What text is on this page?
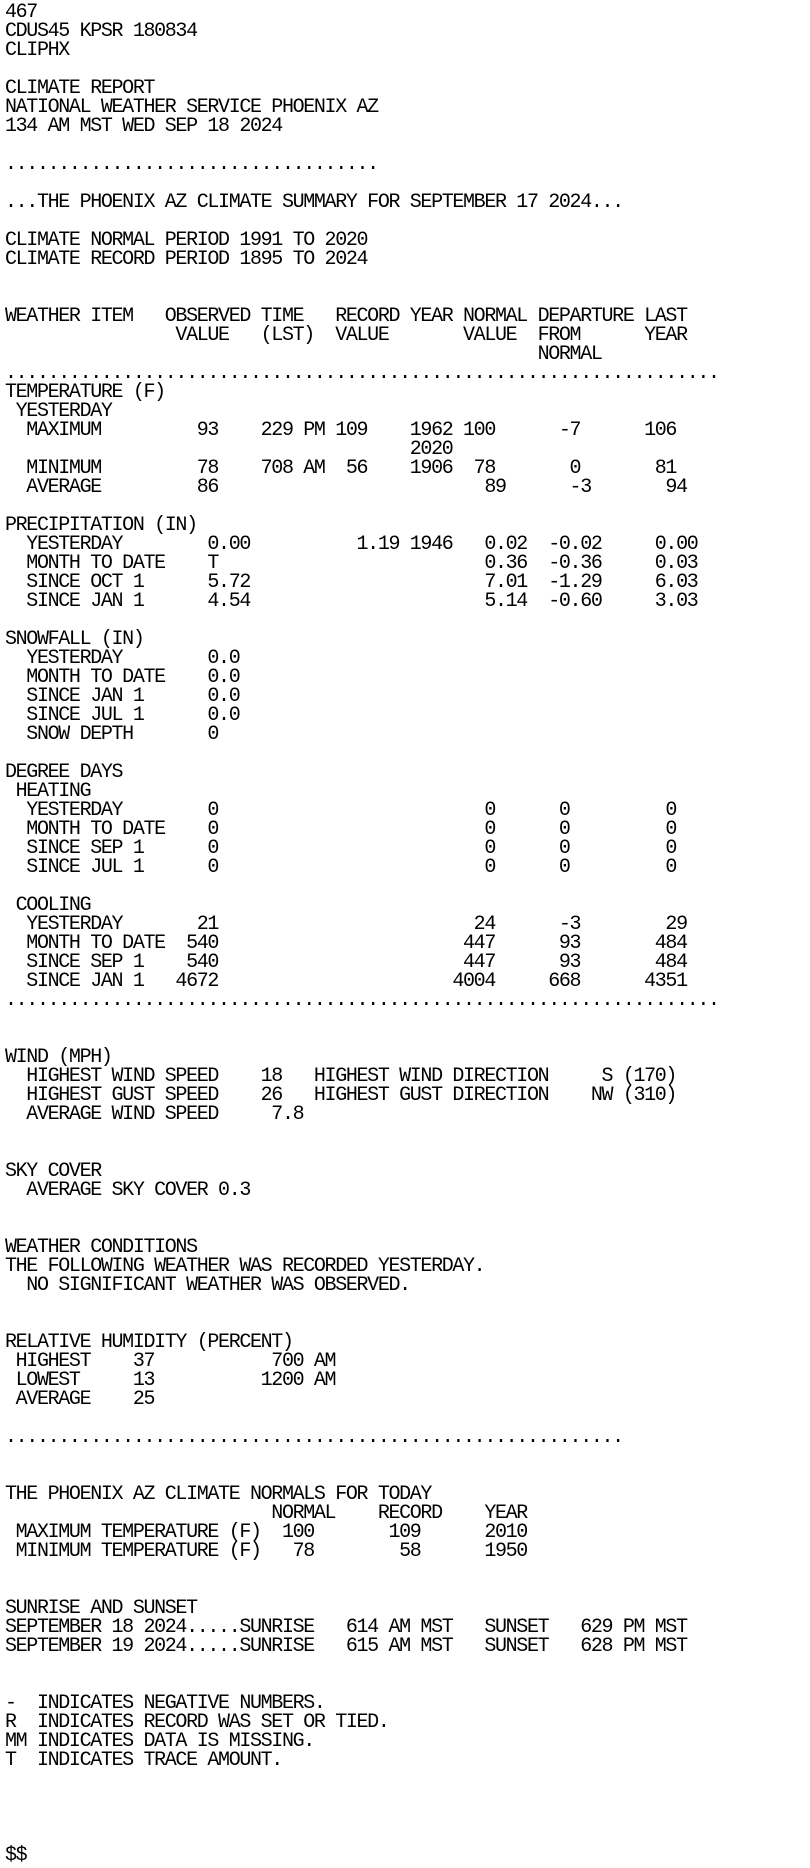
467
CDUS45 KPSR 180834
CLIPHX

CLIMATE REPORT
NATIONAL WEATHER SERVICE PHOENIX AZ
134 AM MST WED SEP 18 2024

...................................

...THE PHOENIX AZ CLIMATE SUMMARY FOR SEPTEMBER 17 2024...

CLIMATE NORMAL PERIOD 1991 TO 2020
CLIMATE RECORD PERIOD 1895 TO 2024

WEATHER ITEM   OBSERVED TIME   RECORD YEAR NORMAL DEPARTURE LAST
VALUE   (LST)  VALUE       VALUE  FROM      YEAR
NORMAL
...................................................................
TEMPERATURE (F)
YESTERDAY
MAXIMUM         93    229 PM 109    1962 100      -7      106
2020
MINIMUM         78    708 AM  56    1906  78       0       81
AVERAGE         86                         89      -3       94

PRECIPITATION (IN)
YESTERDAY        0.00          1.19 1946   0.02  -0.02     0.00
MONTH TO DATE    T                         0.36  -0.36     0.03
SINCE OCT 1      5.72                      7.01  -1.29     6.03
SINCE JAN 1      4.54                      5.14  -0.60     3.03

SNOWFALL (IN)
YESTERDAY        0.0
MONTH TO DATE    0.0
SINCE JAN 1      0.0
SINCE JUL 1      0.0
SNOW DEPTH       0

DEGREE DAYS
HEATING
YESTERDAY        0                         0      0         0
MONTH TO DATE    0                         0      0         0
SINCE SEP 1      0                         0      0         0
SINCE JUL 1      0                         0      0         0

COOLING
YESTERDAY       21                        24      -3        29
MONTH TO DATE  540                       447      93       484
SINCE SEP 1    540                       447      93       484
SINCE JAN 1   4672                      4004     668      4351
...................................................................

WIND (MPH)
HIGHEST WIND SPEED    18   HIGHEST WIND DIRECTION     S (170)
HIGHEST GUST SPEED    26   HIGHEST GUST DIRECTION    NW (310)
AVERAGE WIND SPEED     7.8

SKY COVER
AVERAGE SKY COVER 0.3

WEATHER CONDITIONS
THE FOLLOWING WEATHER WAS RECORDED YESTERDAY.
NO SIGNIFICANT WEATHER WAS OBSERVED.

RELATIVE HUMIDITY (PERCENT)
HIGHEST    37           700 AM
LOWEST     13          1200 AM
AVERAGE    25

..........................................................

THE PHOENIX AZ CLIMATE NORMALS FOR TODAY
NORMAL    RECORD    YEAR
MAXIMUM TEMPERATURE (F)  100       109      2010
MINIMUM TEMPERATURE (F)   78        58      1950

SUNRISE AND SUNSET
SEPTEMBER 18 2024.....SUNRISE   614 AM MST   SUNSET   629 PM MST
SEPTEMBER 19 2024.....SUNRISE   615 AM MST   SUNSET   628 PM MST

-  INDICATES NEGATIVE NUMBERS.
R  INDICATES RECORD WAS SET OR TIED.
MM INDICATES DATA IS MISSING.
T  INDICATES TRACE AMOUNT.

$$
